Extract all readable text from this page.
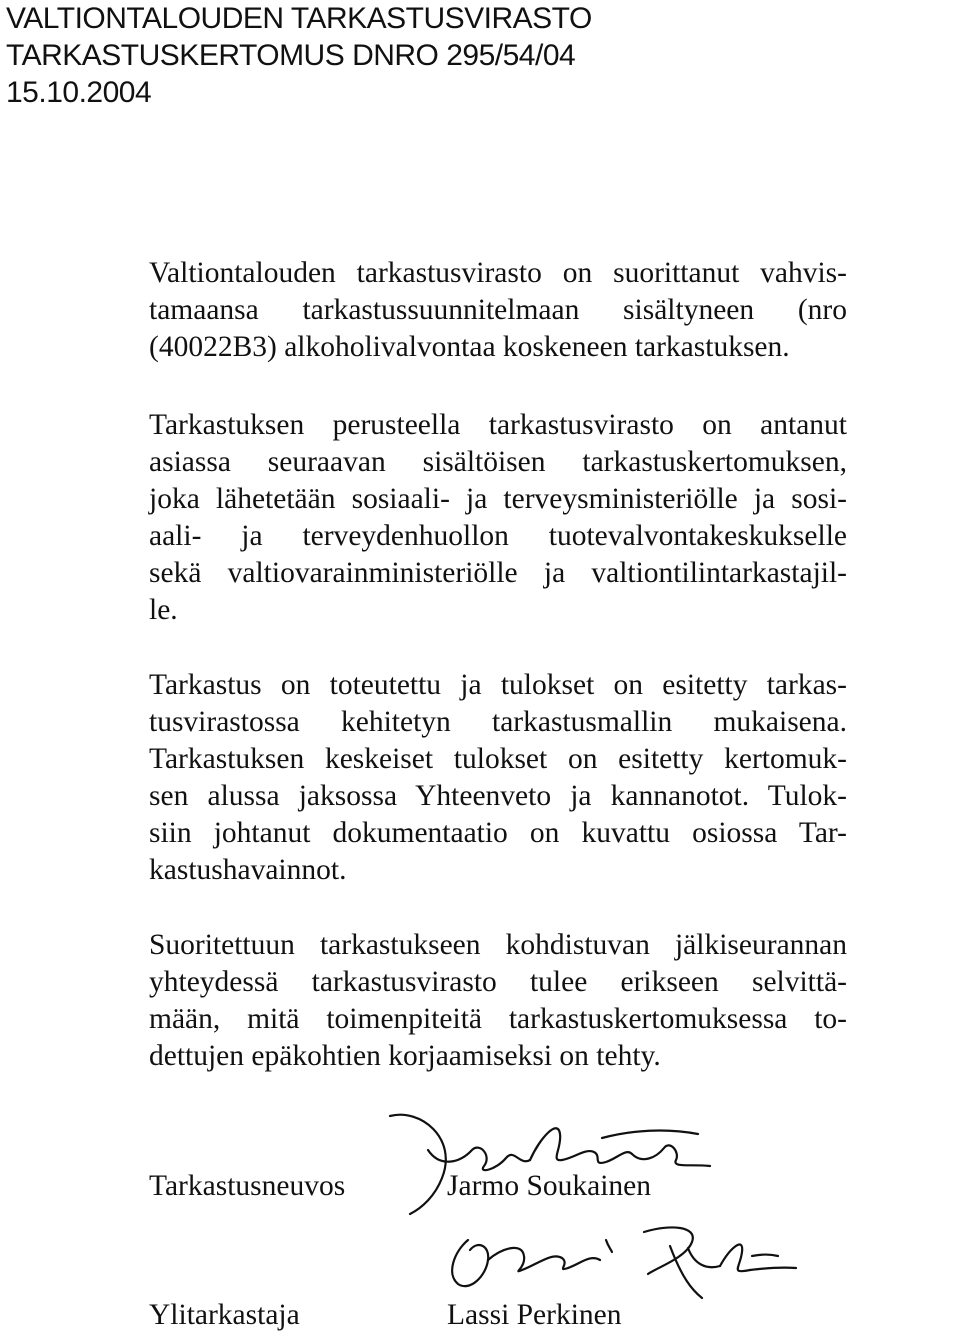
VALTIONTALOUDEN TARKASTUSVIRASTO
TARKASTUSKERTOMUS DNRO 295/54/04
15.10.2004
Valtiontalouden tarkastusvirasto on suorittanut vahvis-
tamaansa tarkastussuunnitelmaan sisältyneen (nro
(40022B3) alkoholivalvontaa koskeneen tarkastuksen.
Tarkastuksen perusteella tarkastusvirasto on antanut
asiassa seuraavan sisältöisen tarkastuskertomuksen,
joka lähetetään sosiaali- ja terveysministeriölle ja sosi-
aali- ja terveydenhuollon tuotevalvontakeskukselle
sekä valtiovarainministeriölle ja valtiontilintarkastajil-
le.
Tarkastus on toteutettu ja tulokset on esitetty tarkas-
tusvirastossa kehitetyn tarkastusmallin mukaisena.
Tarkastuksen keskeiset tulokset on esitetty kertomuk-
sen alussa jaksossa Yhteenveto ja kannanotot. Tulok-
siin johtanut dokumentaatio on kuvattu osiossa Tar-
kastushavainnot.
Suoritettuun tarkastukseen kohdistuvan jälkiseurannan
yhteydessä tarkastusvirasto tulee erikseen selvittä-
mään, mitä toimenpiteitä tarkastuskertomuksessa to-
dettujen epäkohtien korjaamiseksi on tehty.
Tarkastusneuvos	Jarmo Soukainen
Ylitarkastaja	Lassi Perkinen
